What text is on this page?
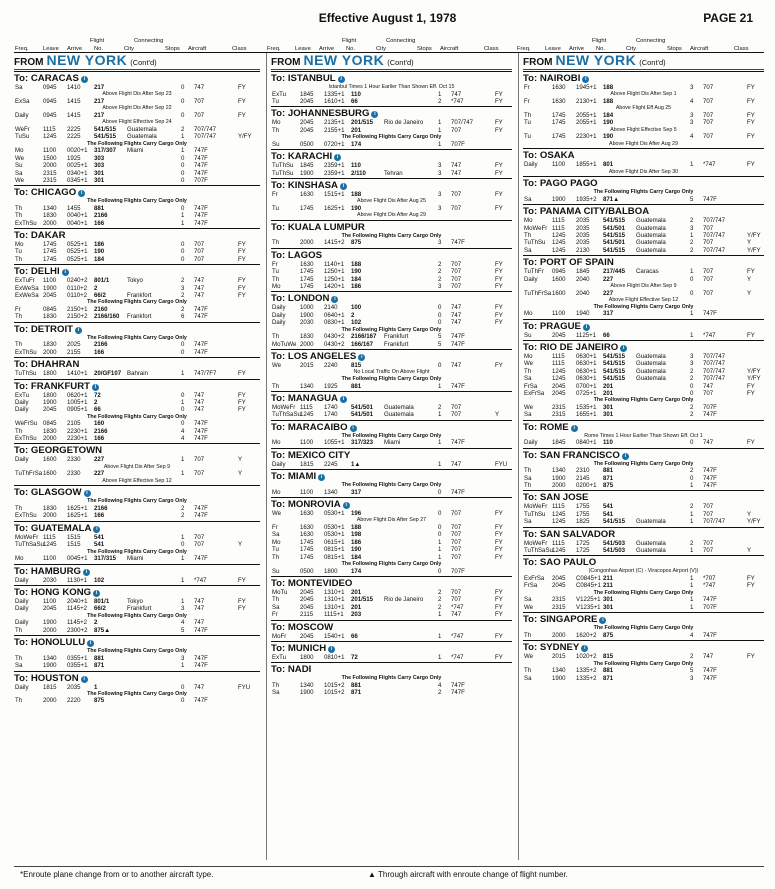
Effective August 1, 1978	PAGE 21
Freq. Leave Arrive No.	City	Stops Aircraft	Class
Flight	Connecting
Freq. Leave Arrive No.	City	Stops Aircraft	Class
Flight	Connecting
Freq. Leave Arrive No.	City	Stops Aircraft	Class
Flight	Connecting
FROM NEW YORK (Cont'd)
To: CARACAS i
Sa	0945 1410 217	0 747	FY
Above Flight Dis After Sep 23
ExSa 0945 1415 217	0 707	FY
Above Flight Dis After Sep 22
Daily 0945 1415 217	0 707	FY
Above Flight Effective Sep 24
WeFr 1115 2225 541/515 Guatemala	2 707/747
TuSu 1245 2225 541/515 Guatemala	1 707/747	Y/FY
The Following Flights Carry Cargo Only
Mo	1100 0020+1 317/307 Miami	1 747F
We	1500 1925 303	0 747F
Su	2000 0025+1 303	0 747F
Sa	2315 0340+1 301	0 747F
We	2315 0345+1 301	0 707F
To: CHICAGO i
The Following Flights Carry Cargo Only
Th	1340 1455 881	0 747F
Th	1830 0040+1 2166	1 747F
ExThSu 2000 0040+1 166	1 747F
To: DAKAR
Mo	1745 0525+1 186	0 707	FY
Tu	1745 0525+1 190	0 707	FY
Th	1745 0525+1 184	0 707	FY
To: DELHI i
ExTuFr 1100 0240+2 801/1	Tokyo	2 747	FY
ExWeSa 1900 0110+2 2	3 747	FY
ExWeSa 2045 0110+2 66/2	Frankfort	2 747	FY
The Following Flights Carry Cargo Only
Fr	0845 2150+1 2160	2 747F
Th	1830 2150+2 2166/160 Frankfort	6 747F
To: DETROIT i
The Following Flights Carry Cargo Only
Th	1830 2025 2166	0 747F
ExThSu 2000 2155 166	0 747F
To: DHAHRAN
TuThSu 1800 1410+1 20/GF107 Bahrain	1 747/7F7	FY
To: FRANKFURT i
ExTu 1800 0620+1 72	0 747	FY
Daily 1900 1005+1 2	1 747	FY
Daily 2045 0905+1 66	0 747	FY
The Following Flights Carry Cargo Only
WeFrSu 0845 2105 160	0 747F
Th	1830 2230+1 2166	4 747F
ExThSu 2000 2230+1 166	4 747F
To: GEORGETOWN
Daily 1600 2330 227	1 707	Y
Above Flight Dis After Sep 9
TuThFrSa 1600 2330 227	1 707	Y
Above Flight Effective Sep 12
To: GLASGOW i
The Following Flights Carry Cargo Only
Th	1830 1625+1 2166	2 747F
ExThSu 2000 1625+1 166	2 747F
To: GUATEMALA i
MoWeFr 1115 1515 541	1 707
TuThSaSu 1245 1515 541	0 707	Y
The Following Flights Carry Cargo Only
Mo	1100 0045+1 317/315 Miami	1 747F
To: HAMBURG i
Daily 2030 1130+1 102	1 *747	FY
To: HONG KONG i
Daily 1100 2040+1 801/1	Tokyo	1 747	FY
Daily 2045 1145+2 66/2	Frankfurt	3 747	FY
The Following Flights Carry Cargo Only
Daily 1900 1145+2 2	4 747
Th	2000 2300+2 875▲	5 747F
To: HONOLULU i
The Following Flights Carry Cargo Only
Th	1340 0355+1 881	3 747F
Sa	1900 0355+1 871	1 747F
To: HOUSTON i
Daily 1815 2035 1	0 747	FYU
The Following Flights Carry Cargo Only
Th	2000 2220 875	0 747F
FROM NEW YORK (Cont'd)
To: ISTANBUL i
Istanbul Times 1 Hour Earlier Than Shown Eff. Oct 15
ExTu 1845 1335+1 110	1 747	FY
Tu	2045 1610+1 66	2 *747	FY
To: JOHANNESBURG i
Mo	2045 2135+1 201/515 Rio de Janeiro 1 707/747	FY
Th	2045 2155+1 201	1 707	FY
The Following Flights Carry Cargo Only
Su	0500 0720+1 174	1 707F
To: KARACHI i
TuThSu 1845 2359+1 110	3 747	FY
TuThSu 1900 2359+1 2/110	Tehran	3 747	FY
To: KINSHASA i
Fr	1630 1515+1 188	3 707	FY
Above Flight Dis After Aug 25
Tu	1745 1625+1 190	3 707	FY
Above Flight Dis After Aug 29
To: KUALA LUMPUR
The Following Flights Carry Cargo Only
Th	2000 1415+2 875	3 747F
To: LAGOS
Fr	1630 1140+1 188	2 707	FY
Tu	1745 1250+1 190	2 707	FY
Th	1745 1250+1 184	2 707	FY
Mo	1745 1420+1 186	3 707	FY
To: LONDON i
Daily 1000 2140 100	0 747	FY
Daily 1900 0640+1 2	0 747	FY
Daily 2030 0830+1 102	0 747	FY
The Following Flights Carry Cargo Only
Th	1830 0430+2 2166/167 Frankfurt	5 747F
MoTuWe 2000 0430+2 166/167 Frankfurt	5 747F
To: LOS ANGELES i
We	2015 2240 815	0 747	FY
No Local Traffic On Above Flight
The Following Flights Carry Cargo Only
Th	1340 1925 881	1 747F
To: MANAGUA i
MoWeFr 1115 1740 541/501 Guatemala	2 707
TuThSaSu 1245 1740 541/501 Guatemala	1 707	Y
To: MARACAIBO i
The Following Flights Carry Cargo Only
Mo	1100 1055+1 317/323 Miami	1 747F
To: MEXICO CITY
Daily 1815 2245 1▲	1 747	FYU
To: MIAMI i
The Following Flights Carry Cargo Only
Mo	1100 1340 317	0 747F
To: MONROVIA i
We	1630 0530+1 196	0 707	FY
Above Flight Dis After Sep 27
Fr	1630 0530+1 188	0 707	FY
Sa	1630 0530+1 198	0 707	FY
Mo	1745 0615+1 186	1 707	FY
Tu	1745 0815+1 190	1 707	FY
Th	1745 0815+1 184	1 707	FY
The Following Flights Carry Cargo Only
Su	0500 1800 174	0 707F
To: MONTEVIDEO
MoTu 2045 1310+1 201	2 707	FY
Th	2045 1310+1 201/515 Rio de Janeiro 2 707	FY
Sa	2045 1310+1 201	2 *747	FY
Fr	2115 1115+1 203	1 747	FY
To: MOSCOW
MoFr 2045 1540+1 66	1 *747	FY
To: MUNICH i
ExTu 1800 0810+1 72	1 *747	FY
To: NADI
The Following Flights Carry Cargo Only
Th	1340 1015+2 881	4 747F
Sa	1900 1015+2 871	2 747F
FROM NEW YORK (Cont'd)
To: NAIROBI i
Fr	1630 1945+1 188	3 707	FY
Above Flight Dis After Sep 1
Fr	1630 2130+1 188	4 707	FY
Above Flight Eff Aug 25
Th	1745 2055+1 184	3 707	FY
Tu	1745 2055+1 190	3 707	FY
Above Flight Effective Sep 5
Tu	1745 2230+1 190	4 707	FY
Above Flight Dis After Aug 29
To: OSAKA
Daily 1100 1855+1 801	1 *747	FY
Above Flight Dis After Sep 30
To: PAGO PAGO
The Following Flights Carry Cargo Only
Sa	1900 1935+2 871▲	5 747F
To: PANAMA CITY/BALBOA
Mo	1115 2035 541/515 Guatemala	2 707/747
MoWeFr 1115 2035 541/501 Guatemala	3 707
Th	1245 2035 541/515 Guatemala	1 707/747	Y/FY
TuThSu 1245 2035 541/501 Guatemala	2 707	Y
Sa	1245 2130 541/515 Guatemala	2 707/747	Y/FY
To: PORT OF SPAIN
TuThFr 0945 1845 217/445 Caracas	1 707	FY
Daily 1600 2040 227	0 707	Y
Above Flight Dis After Sep 9
TuThFrSa 1600 2040 227	0 707	Y
Above Flight Effective Sep 12
The Following Flights Carry Cargo Only
Mo	1100 1940 317	1 747F
To: PRAGUE i
Su	2045 1125+1 66	1 *747	FY
To: RIO DE JANEIRO i
Mo	1115 0630+1 541/515 Guatemala	3 707/747
We	1115 0630+1 541/515 Guatemala	3 707/747
Th	1245 0630+1 541/515 Guatemala	2 707/747	Y/FY
Sa	1245 0630+1 541/515 Guatemala	2 707/747	Y/FY
FrSa 2045 0700+1 201	0 747	FY
ExFrSa 2045 0725+1 201	0 707	FY
The Following Flights Carry Cargo Only
We	2315 1535+1 301	2 707F
Sa	2315 1655+1 301	2 747F
To: ROME i
Rome Times 1 Hour Earlier Than Shown Eff. Oct 1
Daily 1845 0840+1 110	0 747	FY
To: SAN FRANCISCO i
The Following Flights Carry Cargo Only
Th	1340 2310 881	2 747F
Sa	1900 2145 871	0 747F
Th	2000 0200+1 875	1 747F
To: SAN JOSE
MoWeFr 1115 1755 541	2 707
TuThSu 1245 1755 541	1 707	Y
Sa	1245 1825 541/515 Guatemala	1 707/747	Y/FY
To: SAN SALVADOR
MoWeFr 1115 1725 541/503 Guatemala	2 707
TuThSaSu 1245 1725 541/503 Guatemala	1 707	Y
To: SAO PAULO
(Congonhas Airport (C) - Viracopos Airport (V))
ExFrSa 2045 C0845+1 211	1 *707	FY
FrSa 2045 C0845+1 211	1 *747	FY
The Following Flights Carry Cargo Only
Sa	2315 V1225+1 301	1 747F
We	2315 V1235+1 301	1 707F
To: SINGAPORE i
The Following Flights Carry Cargo Only
Th	2000 1620+2 875	4 747F
To: SYDNEY i
We	2015 1020+2 815	2 747	FY
The Following Flights Carry Cargo Only
Th	1340 1335+2 881	5 747F
Sa	1900 1335+2 871	3 747F
*Enroute plane change from or to another aircraft type.	▲ Through aircraft with enroute change of flight number.
